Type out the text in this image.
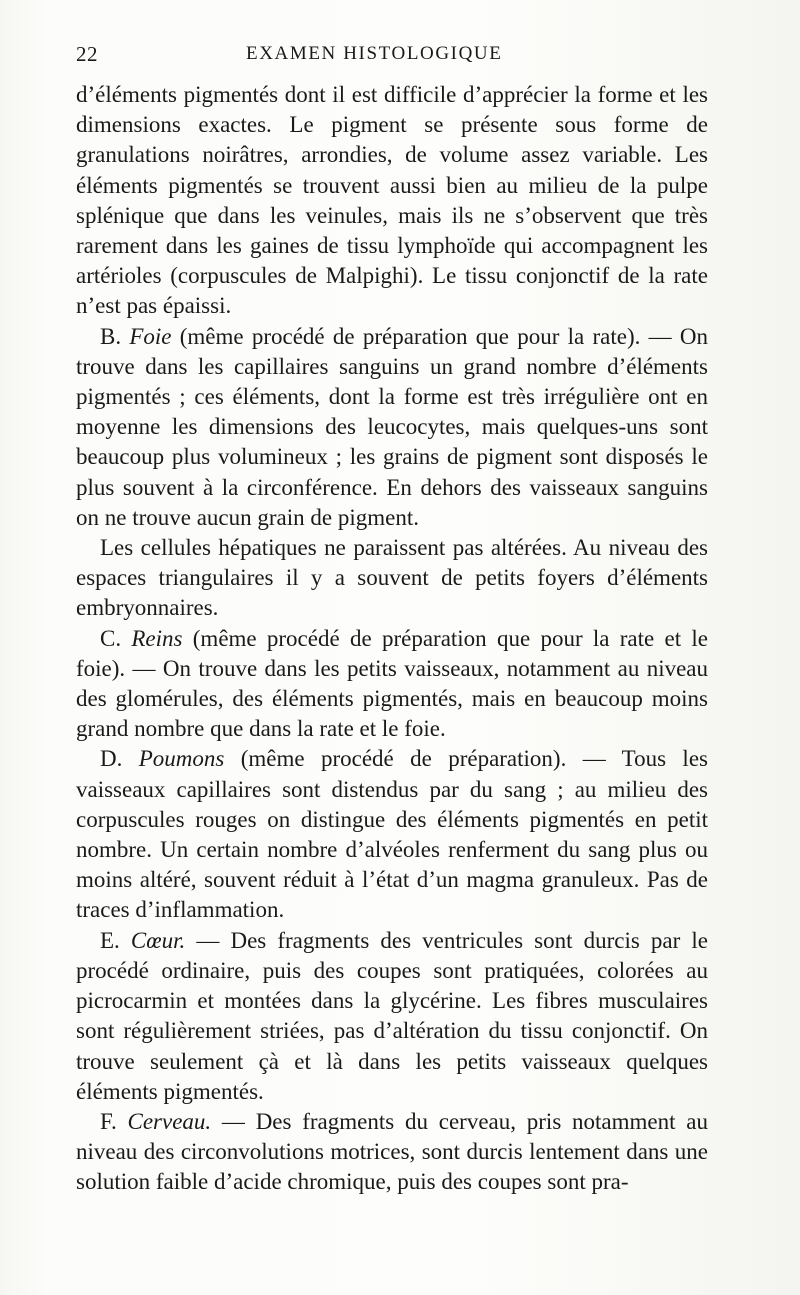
22	EXAMEN HISTOLOGIQUE

d’éléments pigmentés dont il est difficile d’apprécier la forme et les dimensions exactes. Le pigment se présente sous forme de granulations noirâtres, arrondies, de volume assez variable. Les éléments pigmentés se trouvent aussi bien au milieu de la pulpe splénique que dans les veinules, mais ils ne s’observent que très rarement dans les gaines de tissu lymphoïde qui accompagnent les artérioles (corpuscules de Malpighi). Le tissu conjonctif de la rate n’est pas épaissi.

B. Foie (même procédé de préparation que pour la rate). — On trouve dans les capillaires sanguins un grand nombre d’éléments pigmentés ; ces éléments, dont la forme est très irrégulière ont en moyenne les dimensions des leucocytes, mais quelques-uns sont beaucoup plus volumineux ; les grains de pigment sont disposés le plus souvent à la circonférence. En dehors des vaisseaux sanguins on ne trouve aucun grain de pigment.

Les cellules hépatiques ne paraissent pas altérées. Au niveau des espaces triangulaires il y a souvent de petits foyers d’éléments embryonnaires.

C. Reins (même procédé de préparation que pour la rate et le foie). — On trouve dans les petits vaisseaux, notamment au niveau des glomérules, des éléments pigmentés, mais en beaucoup moins grand nombre que dans la rate et le foie.

D. Poumons (même procédé de préparation). — Tous les vaisseaux capillaires sont distendus par du sang ; au milieu des corpuscules rouges on distingue des éléments pigmentés en petit nombre. Un certain nombre d’alvéoles renferment du sang plus ou moins altéré, souvent réduit à l’état d’un magma granuleux. Pas de traces d’inflammation.

E. Cœur. — Des fragments des ventricules sont durcis par le procédé ordinaire, puis des coupes sont pratiquées, colorées au picrocarmin et montées dans la glycérine. Les fibres musculaires sont régulièrement striées, pas d’altération du tissu conjonctif. On trouve seulement çà et là dans les petits vaisseaux quelques éléments pigmentés.

F. Cerveau. — Des fragments du cerveau, pris notamment au niveau des circonvolutions motrices, sont durcis lentement dans une solution faible d’acide chromique, puis des coupes sont pra-
